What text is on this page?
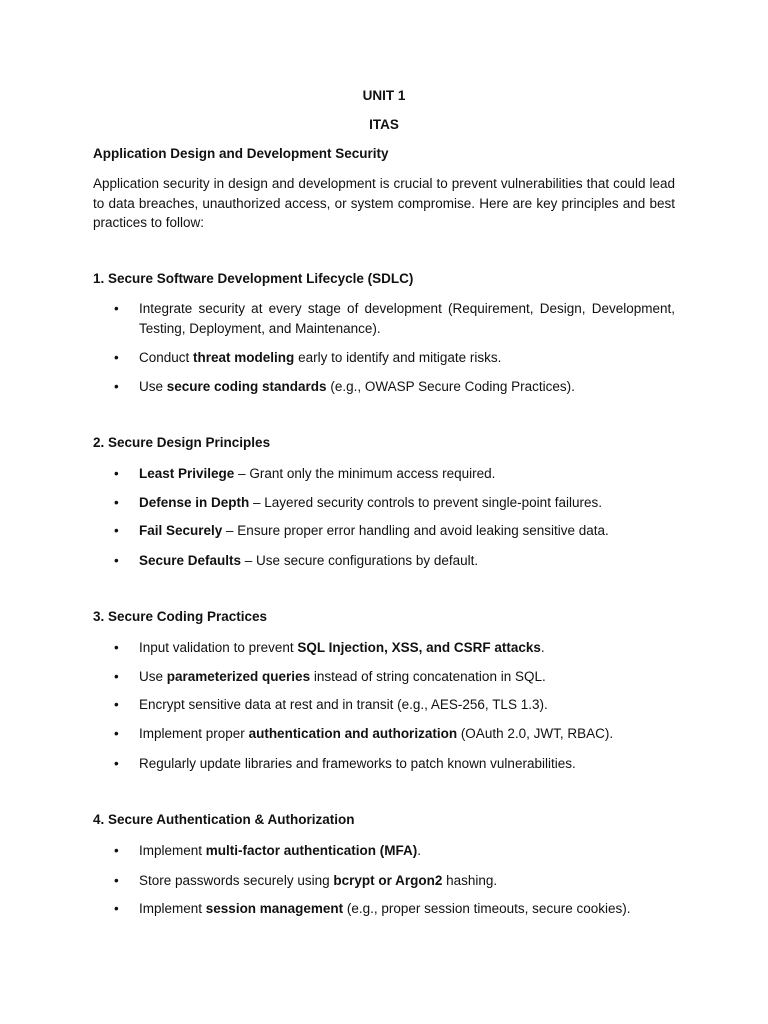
UNIT 1
ITAS
Application Design and Development Security
Application security in design and development is crucial to prevent vulnerabilities that could lead to data breaches, unauthorized access, or system compromise. Here are key principles and best practices to follow:
1. Secure Software Development Lifecycle (SDLC)
• Integrate security at every stage of development (Requirement, Design, Development, Testing, Deployment, and Maintenance).
• Conduct threat modeling early to identify and mitigate risks.
• Use secure coding standards (e.g., OWASP Secure Coding Practices).
2. Secure Design Principles
• Least Privilege – Grant only the minimum access required.
• Defense in Depth – Layered security controls to prevent single-point failures.
• Fail Securely – Ensure proper error handling and avoid leaking sensitive data.
• Secure Defaults – Use secure configurations by default.
3. Secure Coding Practices
• Input validation to prevent SQL Injection, XSS, and CSRF attacks.
• Use parameterized queries instead of string concatenation in SQL.
• Encrypt sensitive data at rest and in transit (e.g., AES-256, TLS 1.3).
• Implement proper authentication and authorization (OAuth 2.0, JWT, RBAC).
• Regularly update libraries and frameworks to patch known vulnerabilities.
4. Secure Authentication & Authorization
• Implement multi-factor authentication (MFA).
• Store passwords securely using bcrypt or Argon2 hashing.
• Implement session management (e.g., proper session timeouts, secure cookies).
